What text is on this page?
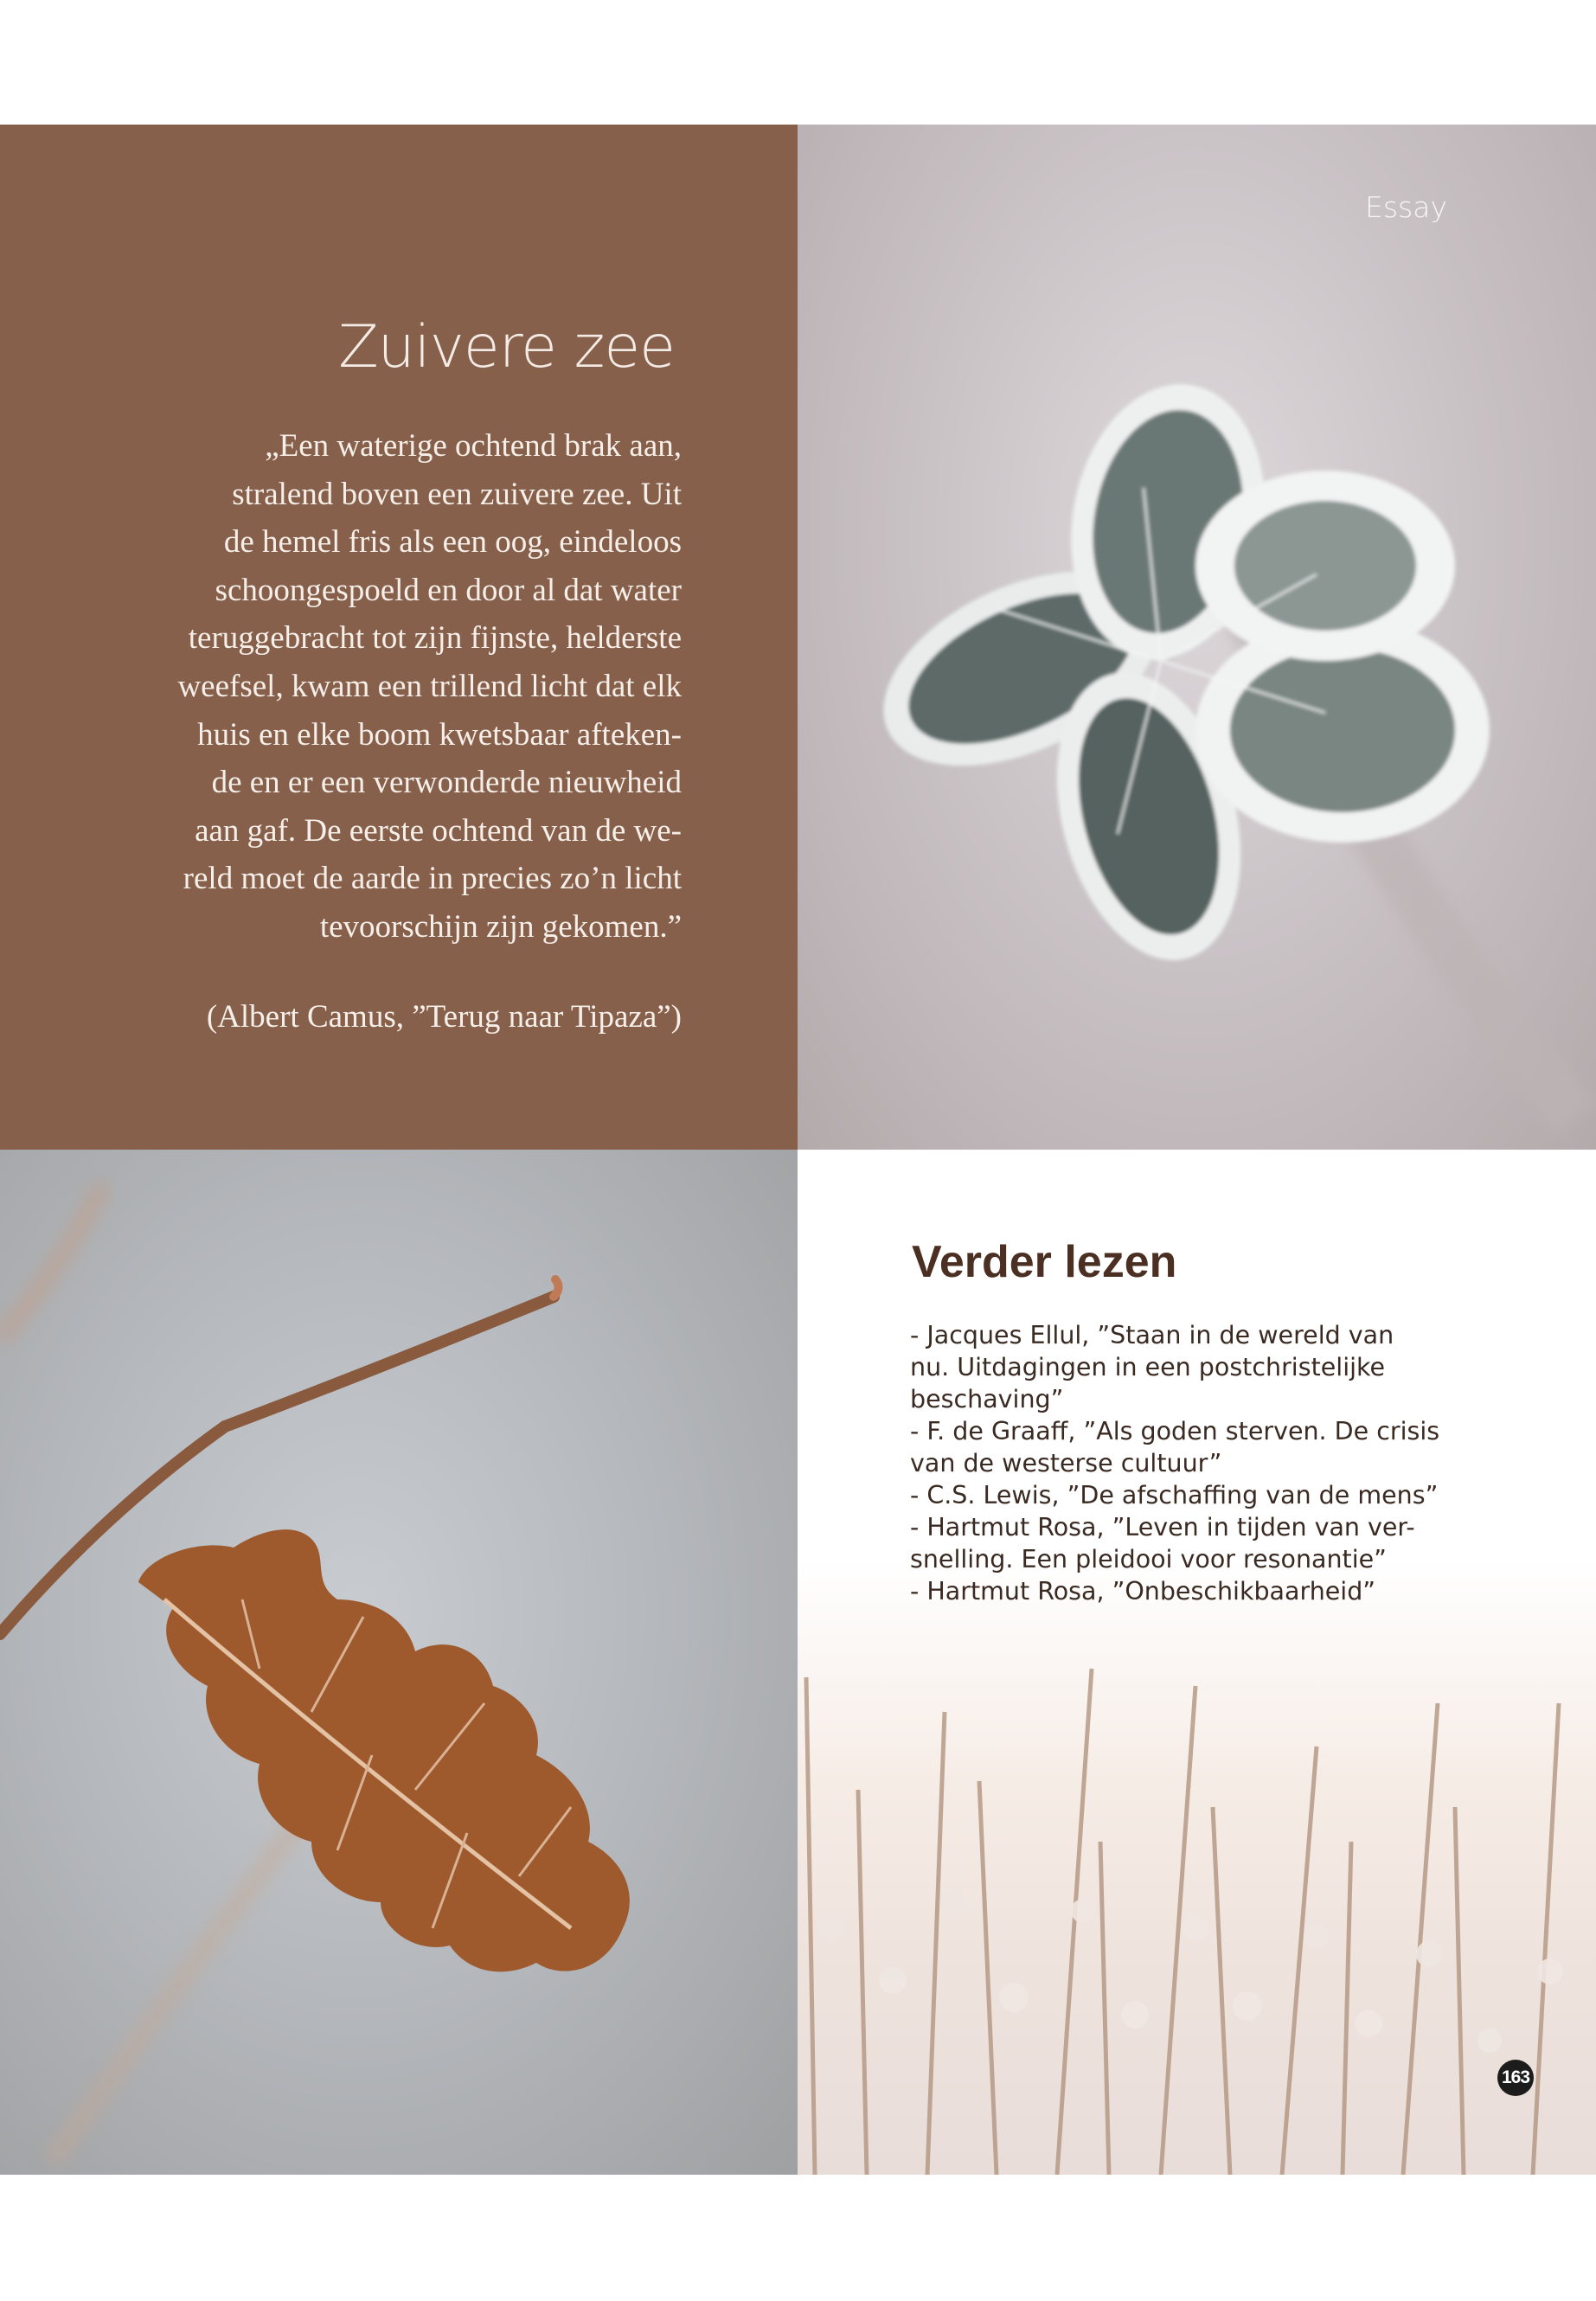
Zuivere zee

„Een waterige ochtend brak aan,
stralend boven een zuivere zee. Uit
de hemel fris als een oog, eindeloos
schoongespoeld en door al dat water
teruggebracht tot zijn fijnste, helderste
weefsel, kwam een trillend licht dat elk
huis en elke boom kwetsbaar afteken-
de en er een verwonderde nieuwheid
aan gaf. De eerste ochtend van de we-
reld moet de aarde in precies zo’n licht
tevoorschijn zijn gekomen.”

(Albert Camus, ”Terug naar Tipaza”)

Essay

Verder lezen
- Jacques Ellul, ”Staan in de wereld van
nu. Uitdagingen in een postchristelijke
beschaving”
- F. de Graaff, ”Als goden sterven. De crisis
van de westerse cultuur”
- C.S. Lewis, ”De afschaffing van de mens”
- Hartmut Rosa, ”Leven in tijden van ver-
snelling. Een pleidooi voor resonantie”
- Hartmut Rosa, ”Onbeschikbaarheid”
163
